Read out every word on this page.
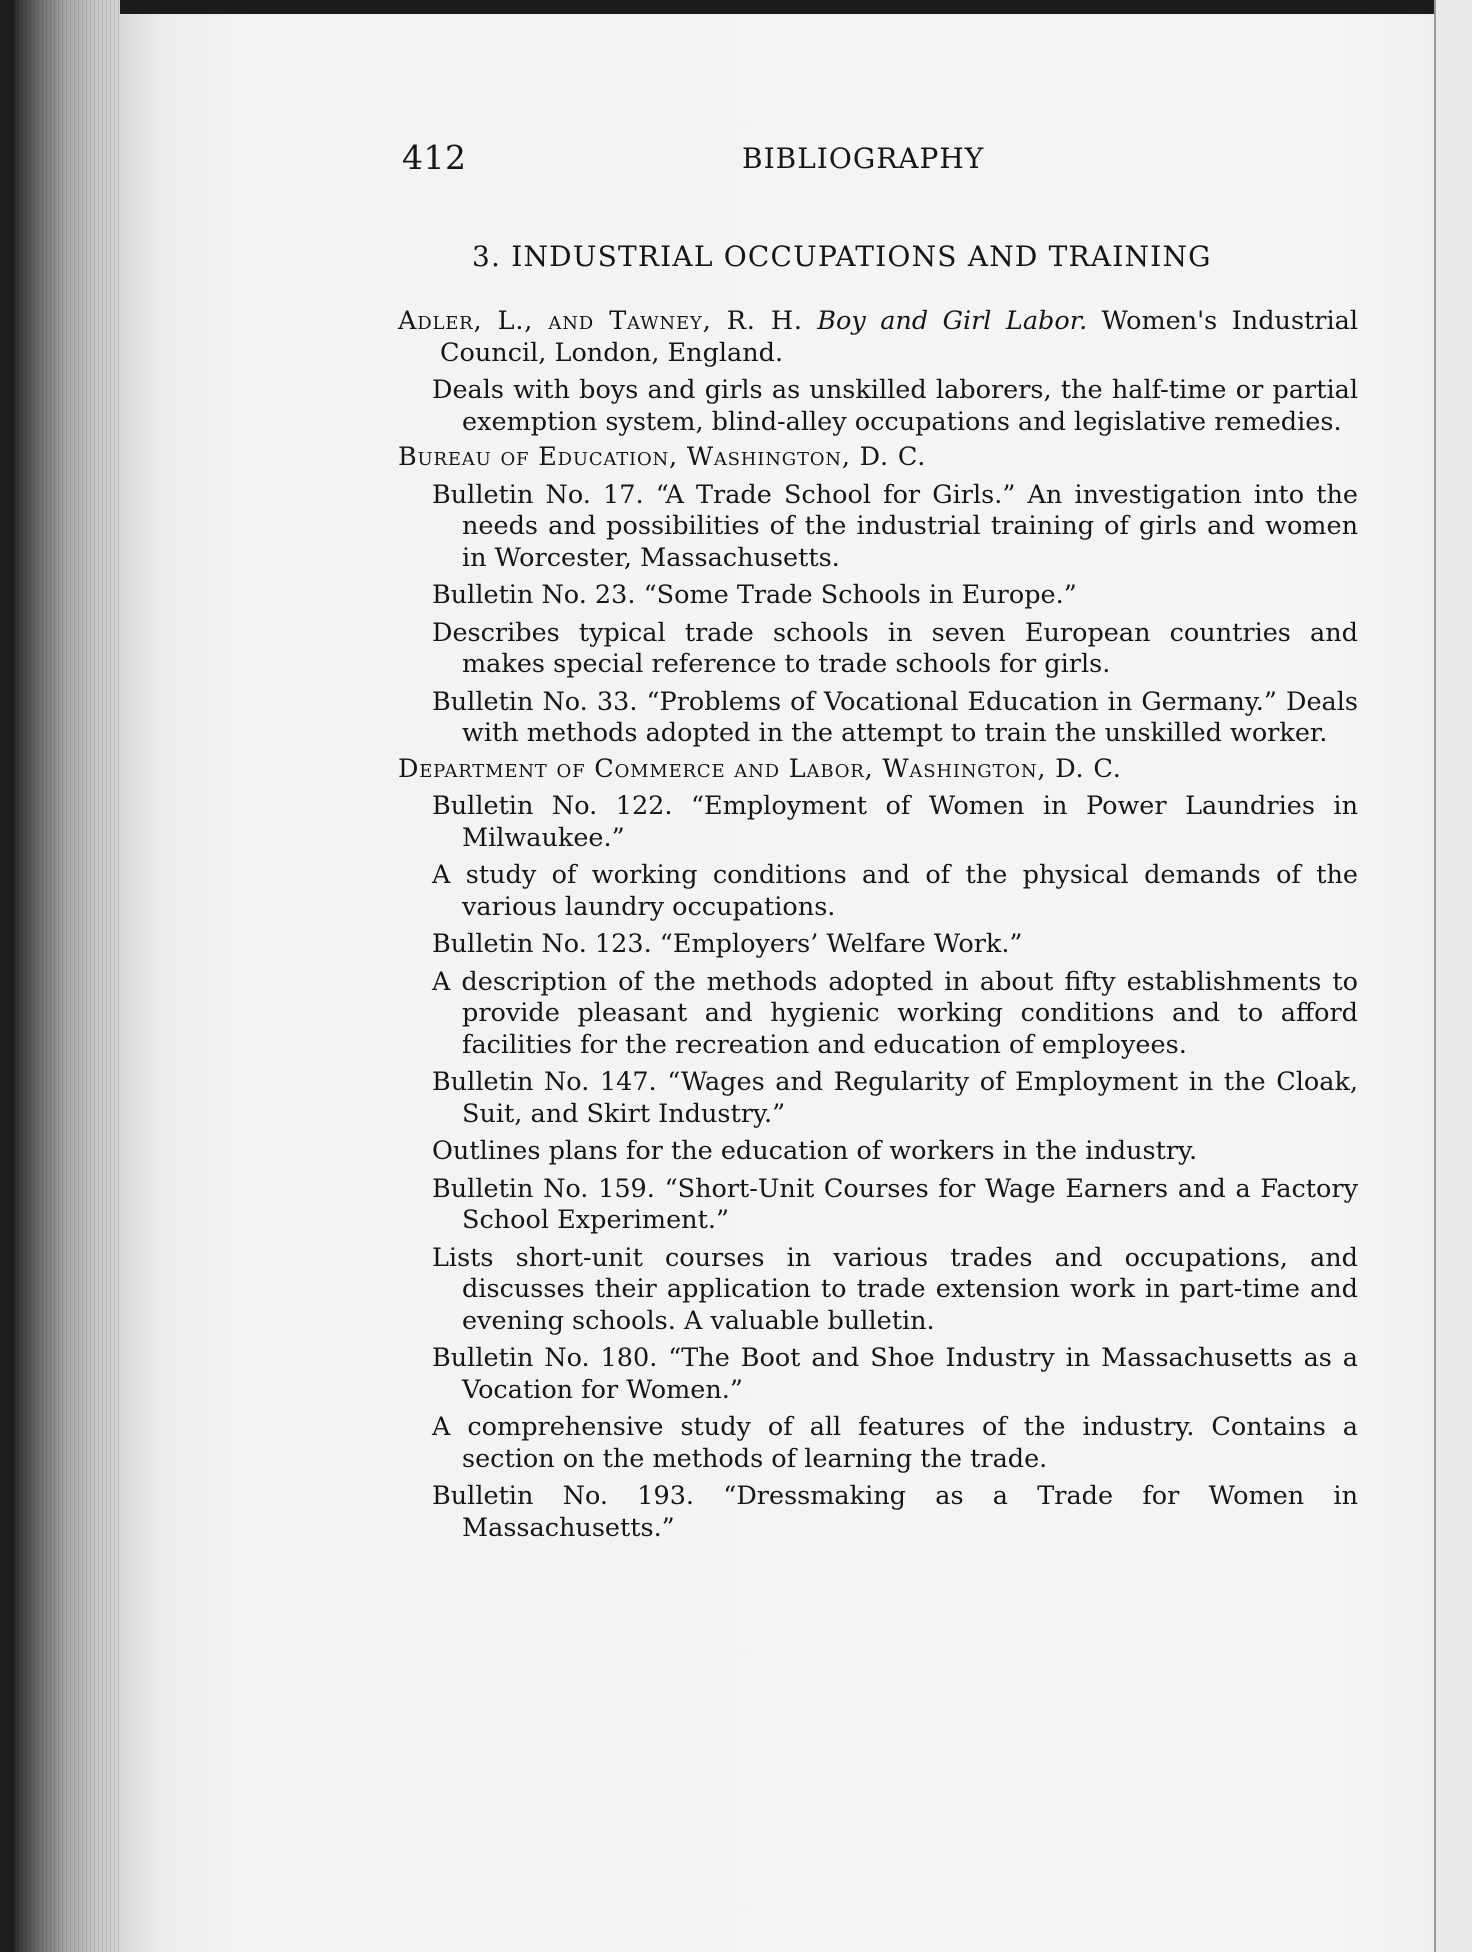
412	BIBLIOGRAPHY
3. INDUSTRIAL OCCUPATIONS AND TRAINING
Adler, L., and Tawney, R. H. Boy and Girl Labor. Women's Industrial Council, London, England.
Deals with boys and girls as unskilled laborers, the half-time or partial exemption system, blind-alley occupations and legislative remedies.
Bureau of Education, Washington, D. C.
Bulletin No. 17. “A Trade School for Girls.” An investigation into the needs and possibilities of the industrial training of girls and women in Worcester, Massachusetts.
Bulletin No. 23. “Some Trade Schools in Europe.”
Describes typical trade schools in seven European countries and makes special reference to trade schools for girls.
Bulletin No. 33. “Problems of Vocational Education in Germany.” Deals with methods adopted in the attempt to train the unskilled worker.
Department of Commerce and Labor, Washington, D. C.
Bulletin No. 122. “Employment of Women in Power Laundries in Milwaukee.”
A study of working conditions and of the physical demands of the various laundry occupations.
Bulletin No. 123. “Employers’ Welfare Work.”
A description of the methods adopted in about fifty establishments to provide pleasant and hygienic working conditions and to afford facilities for the recreation and education of employees.
Bulletin No. 147. “Wages and Regularity of Employment in the Cloak, Suit, and Skirt Industry.”
Outlines plans for the education of workers in the industry.
Bulletin No. 159. “Short-Unit Courses for Wage Earners and a Factory School Experiment.”
Lists short-unit courses in various trades and occupations, and discusses their application to trade extension work in part-time and evening schools. A valuable bulletin.
Bulletin No. 180. “The Boot and Shoe Industry in Massachusetts as a Vocation for Women.”
A comprehensive study of all features of the industry. Contains a section on the methods of learning the trade.
Bulletin No. 193. “Dressmaking as a Trade for Women in Massachusetts.”
